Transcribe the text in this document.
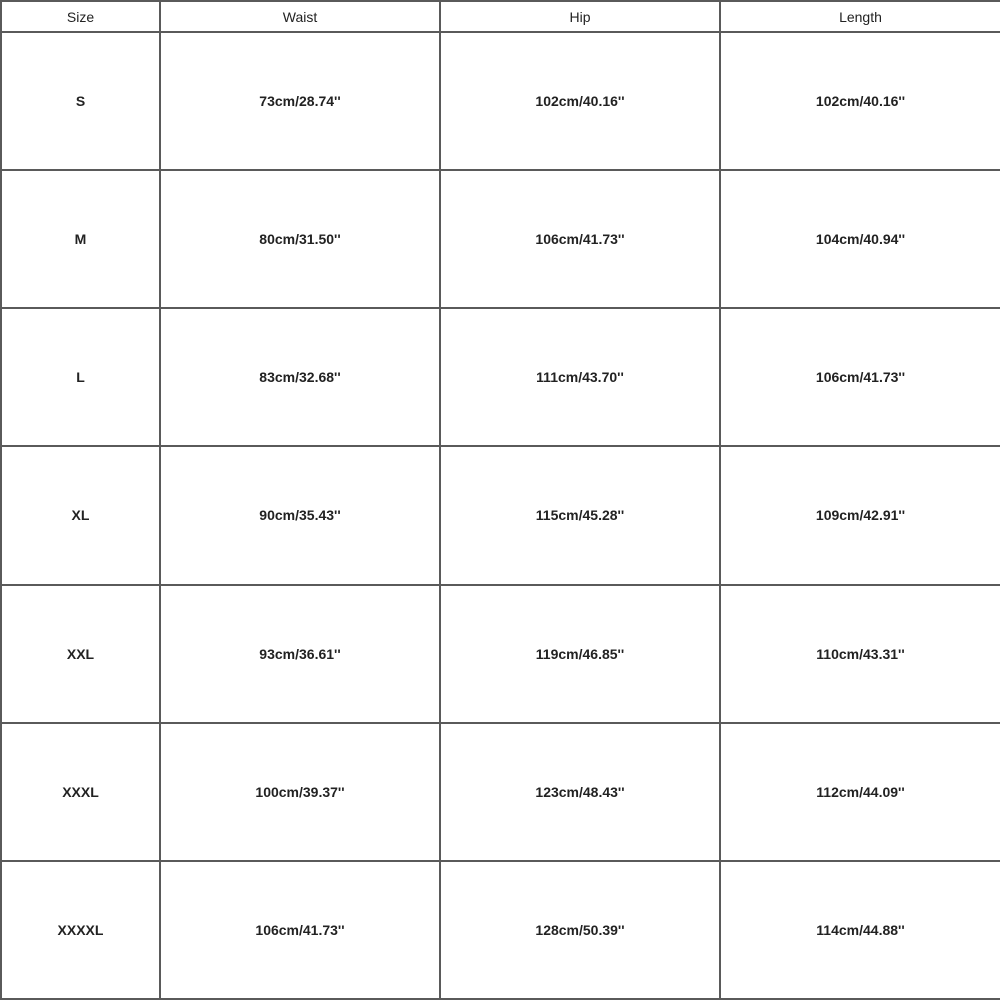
Size	Waist	Hip	Length
S	73cm/28.74''	102cm/40.16''	102cm/40.16''
M	80cm/31.50''	106cm/41.73''	104cm/40.94''
L	83cm/32.68''	111cm/43.70''	106cm/41.73''
XL	90cm/35.43''	115cm/45.28''	109cm/42.91''
XXL	93cm/36.61''	119cm/46.85''	110cm/43.31''
XXXL	100cm/39.37''	123cm/48.43''	112cm/44.09''
XXXXL	106cm/41.73''	128cm/50.39''	114cm/44.88''
